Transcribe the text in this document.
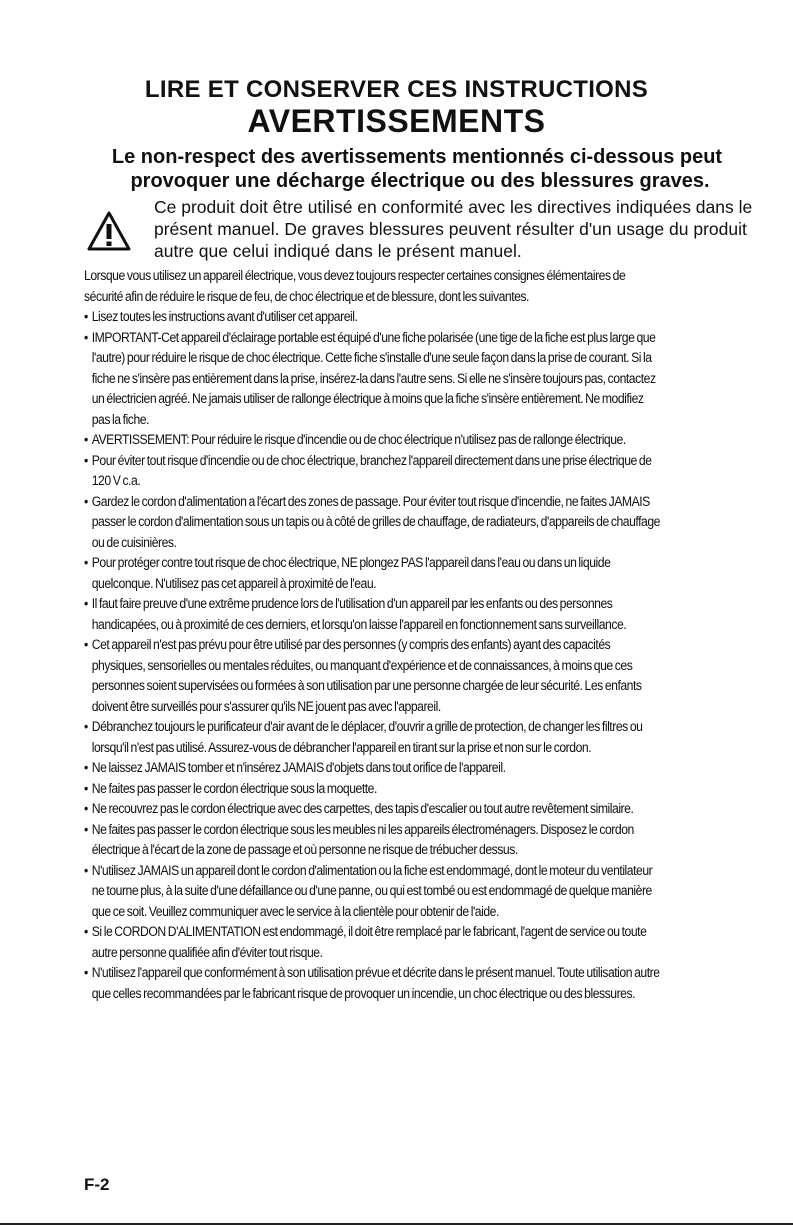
LIRE ET CONSERVER CES INSTRUCTIONS
AVERTISSEMENTS

Le non-respect des avertissements mentionnés ci-dessous peut

provoquer une décharge électrique ou des blessures graves.

Ce produit doit être utilisé en conformité avec les directives indiquées dans le présent manuel. De graves blessures peuvent résulter d'un usage du produit autre que celui indiqué dans le présent manuel.

Lorsque vous utilisez un appareil électrique, vous devez toujours respecter certaines consignes élémentaires de sécurité afin de réduire le risque de feu, de choc électrique et de blessure, dont les suivantes.

• Lisez toutes les instructions avant d'utiliser cet appareil.
• IMPORTANT-Cet appareil d'éclairage portable est équipé d'une fiche polarisée (une tige de la fiche est plus large que l'autre) pour réduire le risque de choc électrique. Cette fiche s'installe d'une seule façon dans la prise de courant. Si la fiche ne s'insère pas entièrement dans la prise, insérez-la dans l'autre sens. Si elle ne s'insère toujours pas, contactez un électricien agréé. Ne jamais utiliser de rallonge électrique à moins que la fiche s'insère entièrement. Ne modifiez pas la fiche.
• AVERTISSEMENT: Pour réduire le risque d'incendie ou de choc électrique n'utilisez pas de rallonge électrique.
• Pour éviter tout risque d'incendie ou de choc électrique, branchez l'appareil directement dans une prise électrique de 120 V c.a.
• Gardez le cordon d'alimentation a l'écart des zones de passage. Pour éviter tout risque d'incendie, ne faites JAMAIS passer le cordon d'alimentation sous un tapis ou à côté de grilles de chauffage, de radiateurs, d'appareils de chauffage ou de cuisinières.
• Pour protéger contre tout risque de choc électrique, NE plongez PAS l'appareil dans l'eau ou dans un liquide quelconque. N'utilisez pas cet appareil à proximité de l'eau.
• Il faut faire preuve d'une extrême prudence lors de l'utilisation d'un appareil par les enfants ou des personnes handicapées, ou à proximité de ces derniers, et lorsqu'on laisse l'appareil en fonctionnement sans surveillance.
• Cet appareil n'est pas prévu pour être utilisé par des personnes (y compris des enfants) ayant des capacités physiques, sensorielles ou mentales réduites, ou manquant d'expérience et de connaissances, à moins que ces personnes soient supervisées ou formées à son utilisation par une personne chargée de leur sécurité. Les enfants doivent être surveillés pour s'assurer qu'ils NE jouent pas avec l'appareil.
• Débranchez toujours le purificateur d'air avant de le déplacer, d'ouvrir a grille de protection, de changer les filtres ou lorsqu'il n'est pas utilisé. Assurez-vous de débrancher l'appareil en tirant sur la prise et non sur le cordon.
• Ne laissez JAMAIS tomber et n'insérez JAMAIS d'objets dans tout orifice de l'appareil.
• Ne faites pas passer le cordon électrique sous la moquette.
• Ne recouvrez pas le cordon électrique avec des carpettes, des tapis d'escalier ou tout autre revêtement similaire.
• Ne faites pas passer le cordon électrique sous les meubles ni les appareils électroménagers. Disposez le cordon électrique à l'écart de la zone de passage et où personne ne risque de trébucher dessus.
• N'utilisez JAMAIS un appareil dont le cordon d'alimentation ou la fiche est endommagé, dont le moteur du ventilateur ne tourne plus, à la suite d'une défaillance ou d'une panne, ou qui est tombé ou est endommagé de quelque manière que ce soit. Veuillez communiquer avec le service à la clientèle pour obtenir de l'aide.
• Si le CORDON D'ALIMENTATION est endommagé, il doit être remplacé par le fabricant, l'agent de service ou toute autre personne qualifiée afin d'éviter tout risque.
• N'utilisez l'appareil que conformément à son utilisation prévue et décrite dans le présent manuel. Toute utilisation autre que celles recommandées par le fabricant risque de provoquer un incendie, un choc électrique ou des blessures.
F-2
